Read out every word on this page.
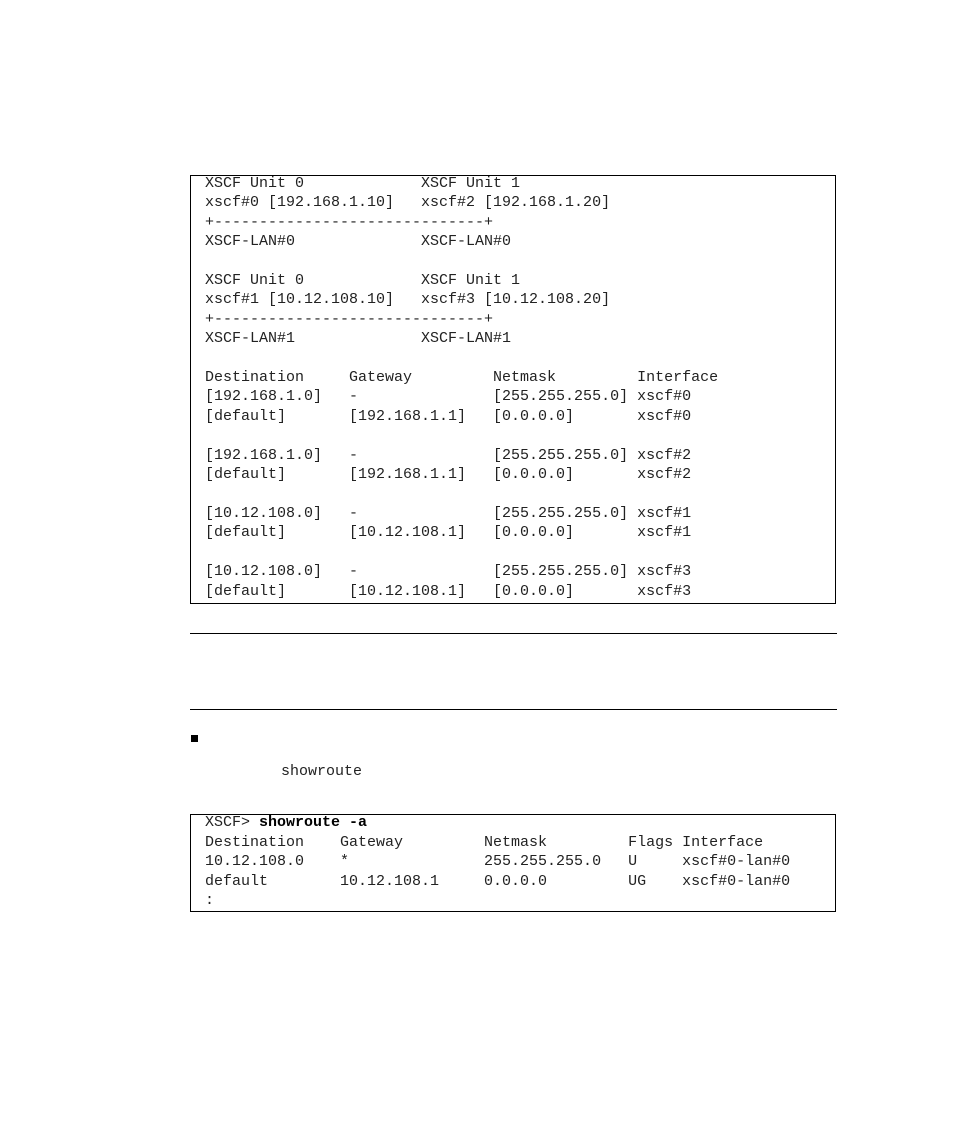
XSCF Unit 0             XSCF Unit 1
xscf#0 [192.168.1.10]   xscf#2 [192.168.1.20]
+------------------------------+
XSCF-LAN#0              XSCF-LAN#0

XSCF Unit 0             XSCF Unit 1
xscf#1 [10.12.108.10]   xscf#3 [10.12.108.20]
+------------------------------+
XSCF-LAN#1              XSCF-LAN#1

Destination     Gateway         Netmask         Interface
[192.168.1.0]   -               [255.255.255.0] xscf#0
[default]       [192.168.1.1]   [0.0.0.0]       xscf#0

[192.168.1.0]   -               [255.255.255.0] xscf#2
[default]       [192.168.1.1]   [0.0.0.0]       xscf#2

[10.12.108.0]   -               [255.255.255.0] xscf#1
[default]       [10.12.108.1]   [0.0.0.0]       xscf#1

[10.12.108.0]   -               [255.255.255.0] xscf#3
[default]       [10.12.108.1]   [0.0.0.0]       xscf#3
showroute
XSCF> showroute -a
Destination    Gateway         Netmask         Flags Interface
10.12.108.0    *               255.255.255.0   U     xscf#0-lan#0
default        10.12.108.1     0.0.0.0         UG    xscf#0-lan#0
:
